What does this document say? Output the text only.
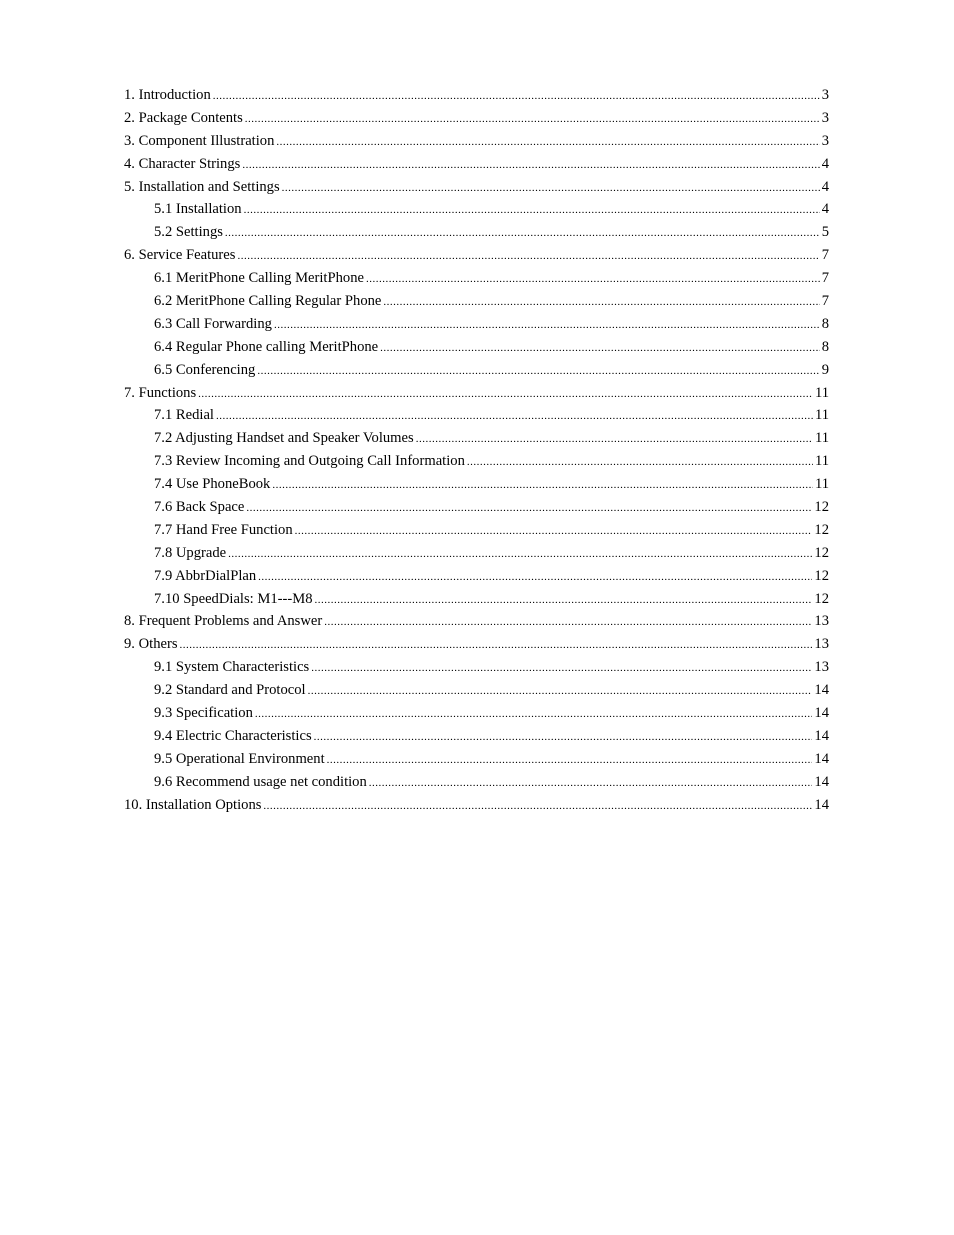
1. Introduction .....	3
2. Package Contents .....	3
3. Component Illustration .....	3
4. Character Strings .....	4
5. Installation and Settings .....	4
5.1 Installation .....	4
5.2 Settings .....	5
6. Service Features .....	7
6.1 MeritPhone Calling MeritPhone .....	7
6.2 MeritPhone Calling Regular Phone .....	7
6.3 Call Forwarding .....	8
6.4 Regular Phone calling MeritPhone .....	8
6.5 Conferencing .....	9
7. Functions .....	11
7.1 Redial .....	11
7.2 Adjusting Handset and Speaker Volumes .....	11
7.3 Review Incoming and Outgoing Call Information .....	11
7.4 Use PhoneBook .....	11
7.6 Back Space .....	12
7.7 Hand Free Function .....	12
7.8 Upgrade .....	12
7.9 AbbrDialPlan .....	12
7.10 SpeedDials: M1---M8 .....	12
8. Frequent Problems and Answer .....	13
9. Others .....	13
9.1 System Characteristics .....	13
9.2 Standard and Protocol .....	14
9.3 Specification .....	14
9.4 Electric Characteristics .....	14
9.5 Operational Environment .....	14
9.6 Recommend usage net condition .....	14
10. Installation Options .....	14
